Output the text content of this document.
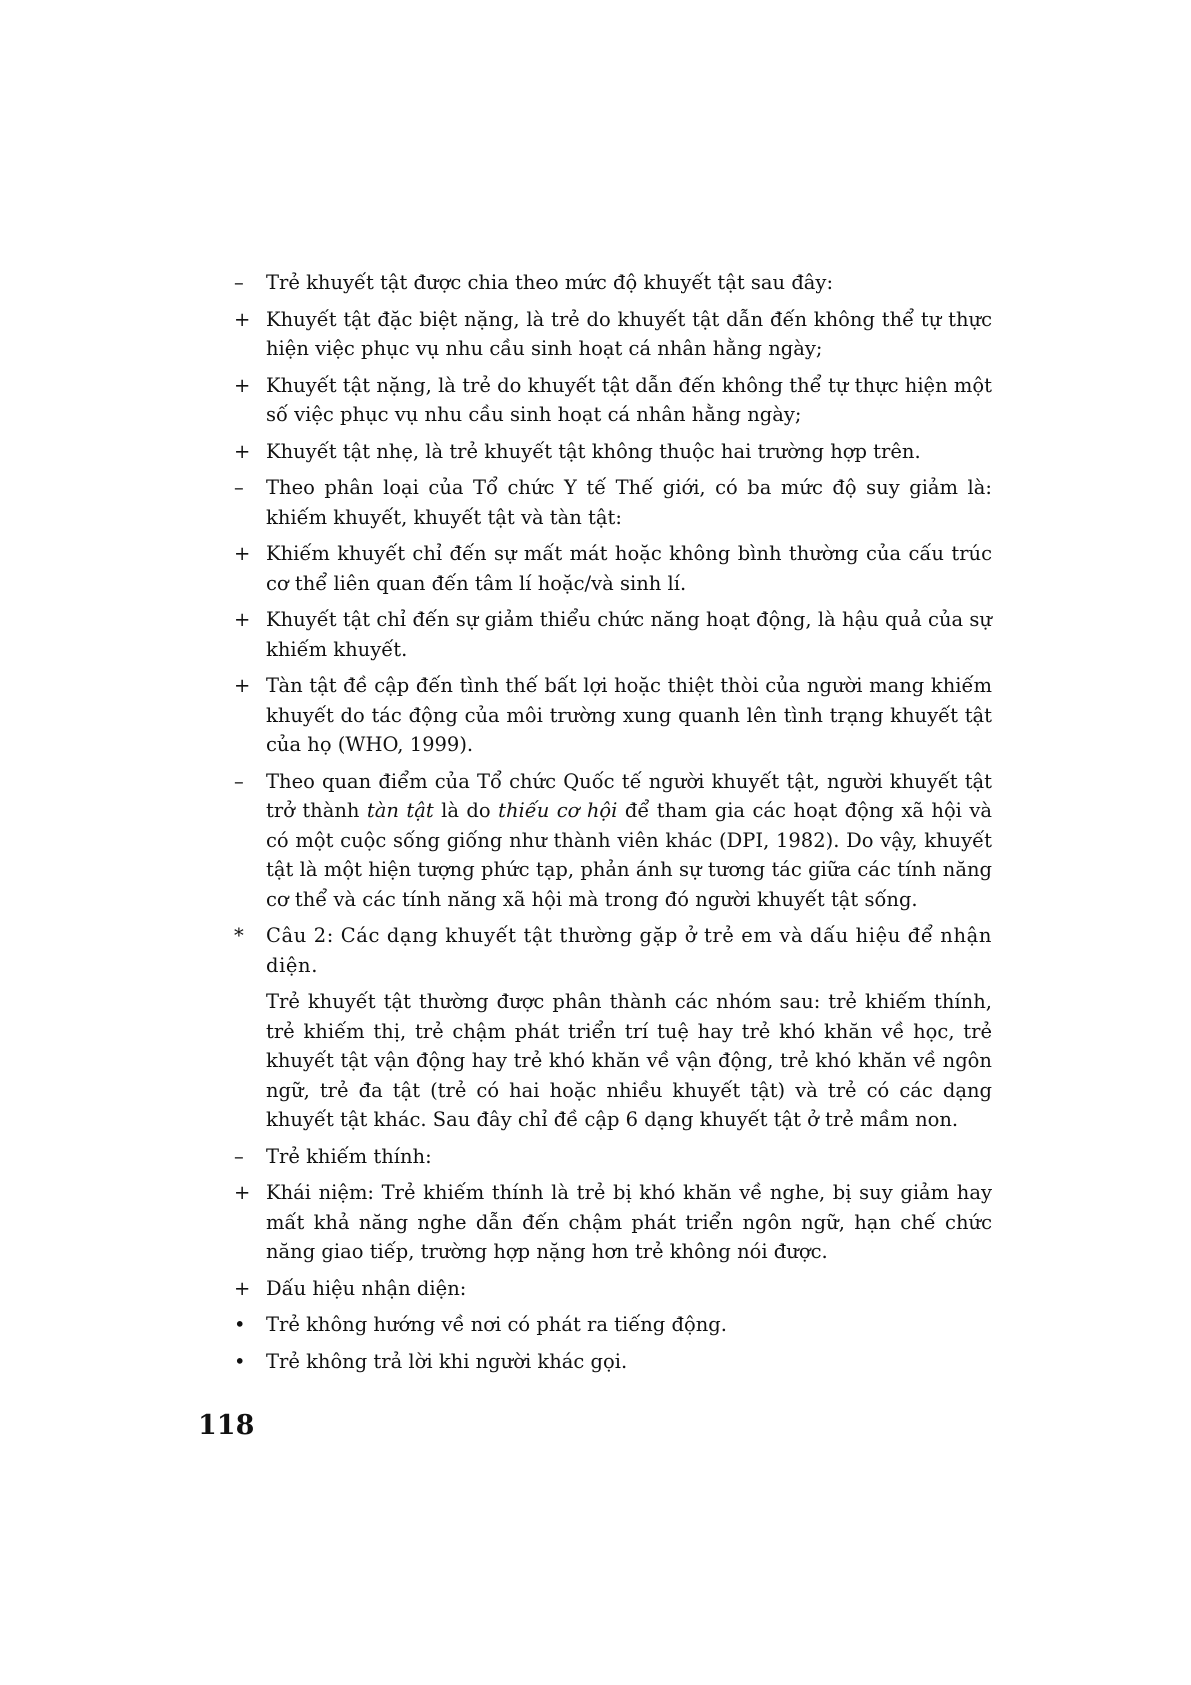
–	Trẻ khuyết tật được chia theo mức độ khuyết tật sau đây:
+ Khuyết tật đặc biệt nặng, là trẻ do khuyết tật dẫn đến không thể tự thực hiện việc phục vụ nhu cầu sinh hoạt cá nhân hằng ngày;
+ Khuyết tật nặng, là trẻ do khuyết tật dẫn đến không thể tự thực hiện một số việc phục vụ nhu cầu sinh hoạt cá nhân hằng ngày;
+ Khuyết tật nhẹ, là trẻ khuyết tật không thuộc hai trường hợp trên.
–	Theo phân loại của Tổ chức Y tế Thế giới, có ba mức độ suy giảm là: khiếm khuyết, khuyết tật và tàn tật:
+ Khiếm khuyết chỉ đến sự mất mát hoặc không bình thường của cấu trúc cơ thể liên quan đến tâm lí hoặc/và sinh lí.
+ Khuyết tật chỉ đến sự giảm thiểu chức năng hoạt động, là hậu quả của sự khiếm khuyết.
+ Tàn tật đề cập đến tình thế bất lợi hoặc thiệt thòi của người mang khiếm khuyết do tác động của môi trường xung quanh lên tình trạng khuyết tật của họ (WHO, 1999).
–	Theo quan điểm của Tổ chức Quốc tế người khuyết tật, người khuyết tật trở thành tàn tật là do thiếu cơ hội để tham gia các hoạt động xã hội và có một cuộc sống giống như thành viên khác (DPI, 1982). Do vậy, khuyết tật là một hiện tượng phức tạp, phản ánh sự tương tác giữa các tính năng cơ thể và các tính năng xã hội mà trong đó người khuyết tật sống.
*	Câu 2: Các dạng khuyết tật thường gặp ở trẻ em và dấu hiệu để nhận diện.
Trẻ khuyết tật thường được phân thành các nhóm sau: trẻ khiếm thính, trẻ khiếm thị, trẻ chậm phát triển trí tuệ hay trẻ khó khăn về học, trẻ khuyết tật vận động hay trẻ khó khăn về vận động, trẻ khó khăn về ngôn ngữ, trẻ đa tật (trẻ có hai hoặc nhiều khuyết tật) và trẻ có các dạng khuyết tật khác. Sau đây chỉ đề cập 6 dạng khuyết tật ở trẻ mầm non.
–	Trẻ khiếm thính:
+ Khái niệm: Trẻ khiếm thính là trẻ bị khó khăn về nghe, bị suy giảm hay mất khả năng nghe dẫn đến chậm phát triển ngôn ngữ, hạn chế chức năng giao tiếp, trường hợp nặng hơn trẻ không nói được.
+ Dấu hiệu nhận diện:
•	Trẻ không hướng về nơi có phát ra tiếng động.
•	Trẻ không trả lời khi người khác gọi.
118
